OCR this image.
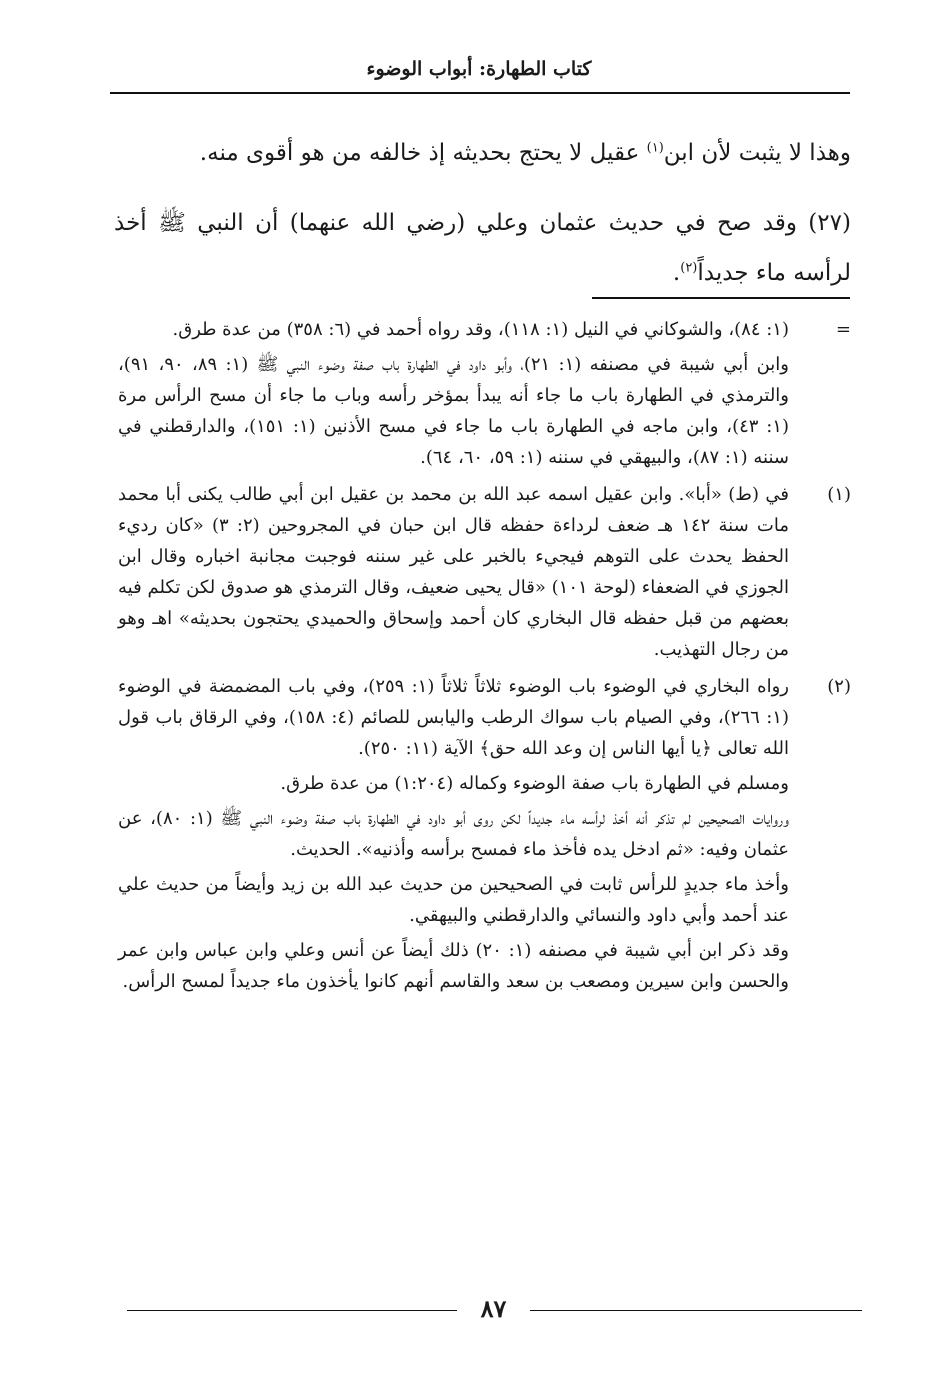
كتاب الطهارة: أبواب الوضوء

وهذا لا يثبت لأن ابن$^{(١)}$ عقيل لا يحتج بحديثه إذ خالفه من هو أقوى منه.

(٢٧) وقد صح في حديث عثمان وعلي (رضي الله عنهما) أن النبي ﷺ أخذ لرأسه ماء جديداً$^{(٢)}$.

=

(١: ٨٤)، والشوكاني في النيل (١: ١١٨)، وقد رواه أحمد في (٦: ٣٥٨) من عدة طرق.

وابن أبي شيبة في مصنفه (١: ٢١)، وأبو داود في الطهارة باب صفة وضوء النبي ﷺ (١: ٨٩، ٩٠، ٩١)، والترمذي في الطهارة باب ما جاء أنه يبدأ بمؤخر رأسه وباب ما جاء أن مسح الرأس مرة (١: ٤٣)، وابن ماجه في الطهارة باب ما جاء في مسح الأذنين (١: ١٥١)، والدارقطني في سننه (١: ٨٧)، والبيهقي في سننه (١: ٥٩، ٦٠، ٦٤).

(١)

في (ط) «أبا». وابن عقيل اسمه عبد الله بن محمد بن عقيل ابن أبي طالب يكنى أبا محمد مات سنة ١٤٢ هـ ضعف لرداءة حفظه قال ابن حبان في المجروحين (٢: ٣) «كان رديء الحفظ يحدث على التوهم فيجيء بالخبر على غير سننه فوجبت مجانبة اخباره وقال ابن الجوزي في الضعفاء (لوحة ١٠١) «قال يحيى ضعيف، وقال الترمذي هو صدوق لكن تكلم فيه بعضهم من قبل حفظه قال البخاري كان أحمد وإسحاق والحميدي يحتجون بحديثه» اهـ وهو من رجال التهذيب.

(٢)

رواه البخاري في الوضوء باب الوضوء ثلاثاً ثلاثاً (١: ٢٥٩)، وفي باب المضمضة في الوضوء (١: ٢٦٦)، وفي الصيام باب سواك الرطب واليابس للصائم (٤: ١٥٨)، وفي الرقاق باب قول الله تعالى ﴿يا أيها الناس إن وعد الله حق﴾ الآية (١١: ٢٥٠).

ومسلم في الطهارة باب صفة الوضوء وكماله (١:٢٠٤) من عدة طرق.

وروايات الصحيحين لم تذكر أنه أخذ لرأسه ماء جديداً لكن روى أبو داود في الطهارة باب صفة وضوء النبي ﷺ (١: ٨٠)، عن عثمان وفيه: «ثم ادخل يده فأخذ ماء فمسح برأسه وأذنيه». الحديث.

وأخذ ماء جديدٍ للرأس ثابت في الصحيحين من حديث عبد الله بن زيد وأيضاً من حديث علي عند أحمد وأبي داود والنسائي والدارقطني والبيهقي.

وقد ذكر ابن أبي شيبة في مصنفه (١: ٢٠) ذلك أيضاً عن أنس وعلي وابن عباس وابن عمر والحسن وابن سيرين ومصعب بن سعد والقاسم أنهم كانوا يأخذون ماء جديداً لمسح الرأس.

٨٧
